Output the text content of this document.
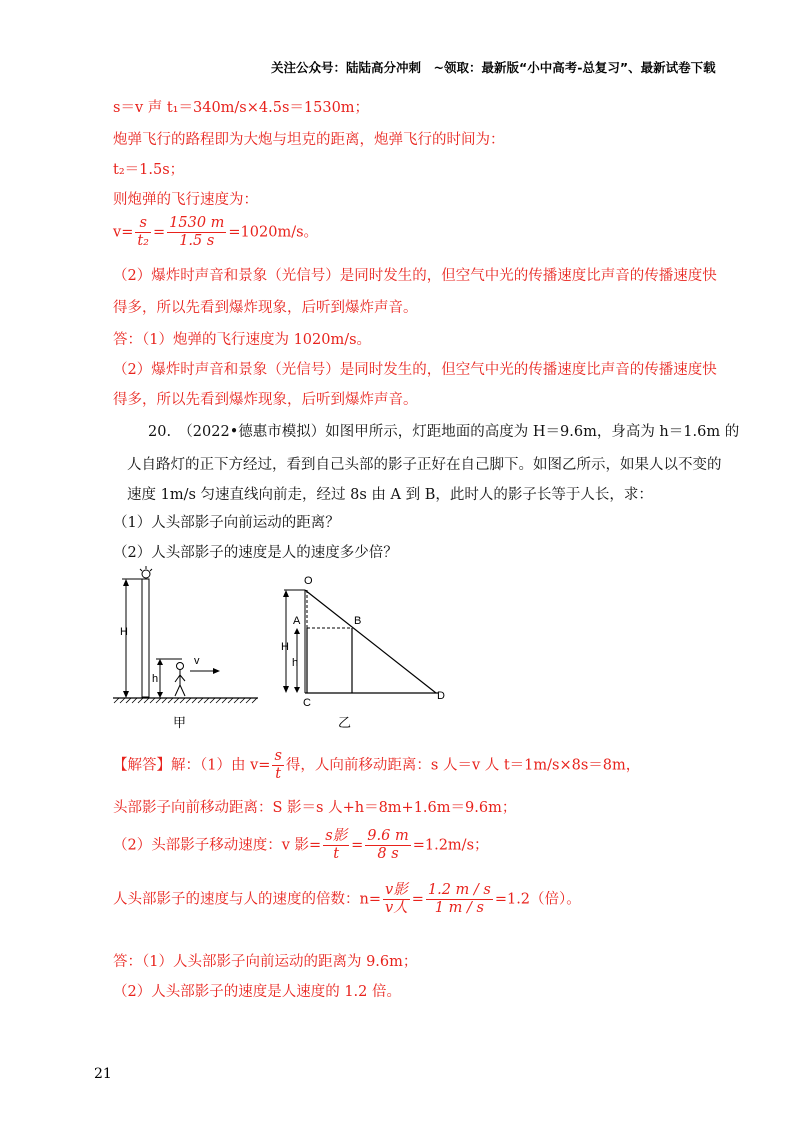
关注公众号：陆陆高分冲刺　~领取：最新版“小中高考-总复习”、最新试卷下载
s＝v 声 t₁＝340m/s×4.5s＝1530m；
炮弹飞行的路程即为大炮与坦克的距离，炮弹飞行的时间为：
t₂＝1.5s；
则炮弹的飞行速度为：
$v= \frac{s}{\text{t₂}} = \frac{1530 m}{1.5 s} =1020m/s$。
（2）爆炸时声音和景象（光信号）是同时发生的，但空气中光的传播速度比声音的传播速度快
得多，所以先看到爆炸现象，后听到爆炸声音。
答：（1）炮弹的飞行速度为 1020m/s。
（2）爆炸时声音和景象（光信号）是同时发生的，但空气中光的传播速度比声音的传播速度快
得多，所以先看到爆炸现象，后听到爆炸声音。
20.　（2022•德惠市模拟）如图甲所示，灯距地面的高度为 H＝9.6m，身高为 h＝1.6m 的
人自路灯的正下方经过，看到自己头部的影子正好在自己脚下。如图乙所示，如果人以不变的
速度 1m/s 匀速直线向前走，经过 8s 由 A 到 B，此时人的影子长等于人长，求：
（1）人头部影子向前运动的距离？
（2）人头部影子的速度是人的速度多少倍？
H
h
v
甲
H
h
O
A	B
C
D
乙
【解答】解：（1）由 $v= \frac{s}{t}$ 得，人向前移动距离：s 人＝v 人 t＝1m/s×8s＝8m，
头部影子向前移动距离：S 影＝s 人+h＝8m+1.6m＝9.6m；
（2）头部影子移动速度：v 影= $\frac{\text{s影}}{t} = \frac{9.6 m}{8 s} =1.2m/s$；
人头部影子的速度与人的速度的倍数：$n= \frac{\text{v影}}{\text{v人}} = \frac{1.2 m / s}{1 m / s} =1.2$（倍）。
答：（1）人头部影子向前运动的距离为 9.6m；
（2）人头部影子的速度是人速度的 1.2 倍。
21
